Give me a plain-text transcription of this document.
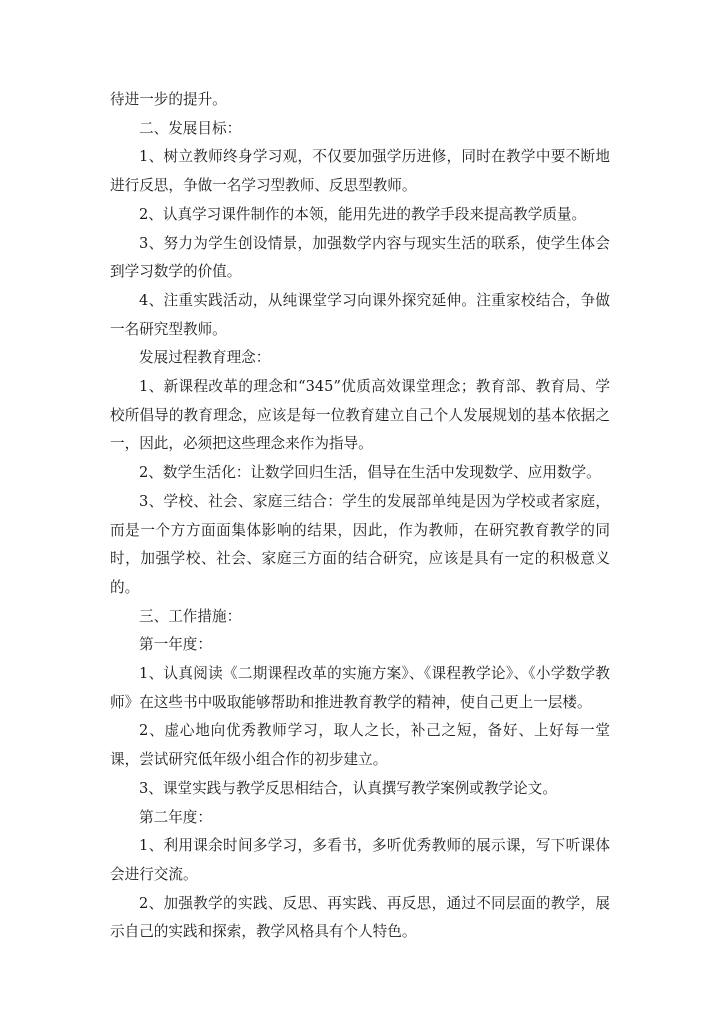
待进一步的提升。

二、发展目标：

1、树立教师终身学习观，不仅要加强学历进修，同时在教学中要不断地进行反思，争做一名学习型教师、反思型教师。

2、认真学习课件制作的本领，能用先进的教学手段来提高教学质量。

3、努力为学生创设情景，加强数学内容与现实生活的联系，使学生体会到学习数学的价值。

4、注重实践活动，从纯课堂学习向课外探究延伸。注重家校结合，争做一名研究型教师。

发展过程教育理念：

1、新课程改革的理念和“345”优质高效课堂理念；教育部、教育局、学校所倡导的教育理念，应该是每一位教育建立自己个人发展规划的基本依据之一，因此，必须把这些理念来作为指导。

2、数学生活化：让数学回归生活，倡导在生活中发现数学、应用数学。

3、学校、社会、家庭三结合：学生的发展部单纯是因为学校或者家庭，而是一个方方面面集体影响的结果，因此，作为教师，在研究教育教学的同时，加强学校、社会、家庭三方面的结合研究，应该是具有一定的积极意义的。

三、工作措施：

第一年度：

1、认真阅读《二期课程改革的实施方案》、《课程教学论》、《小学数学教师》在这些书中吸取能够帮助和推进教育教学的精神，使自己更上一层楼。

2、虚心地向优秀教师学习，取人之长，补己之短，备好、上好每一堂课，尝试研究低年级小组合作的初步建立。

3、课堂实践与教学反思相结合，认真撰写教学案例或教学论文。

第二年度：

1、利用课余时间多学习，多看书，多听优秀教师的展示课，写下听课体会进行交流。

2、加强教学的实践、反思、再实践、再反思，通过不同层面的教学，展示自己的实践和探索，教学风格具有个人特色。
